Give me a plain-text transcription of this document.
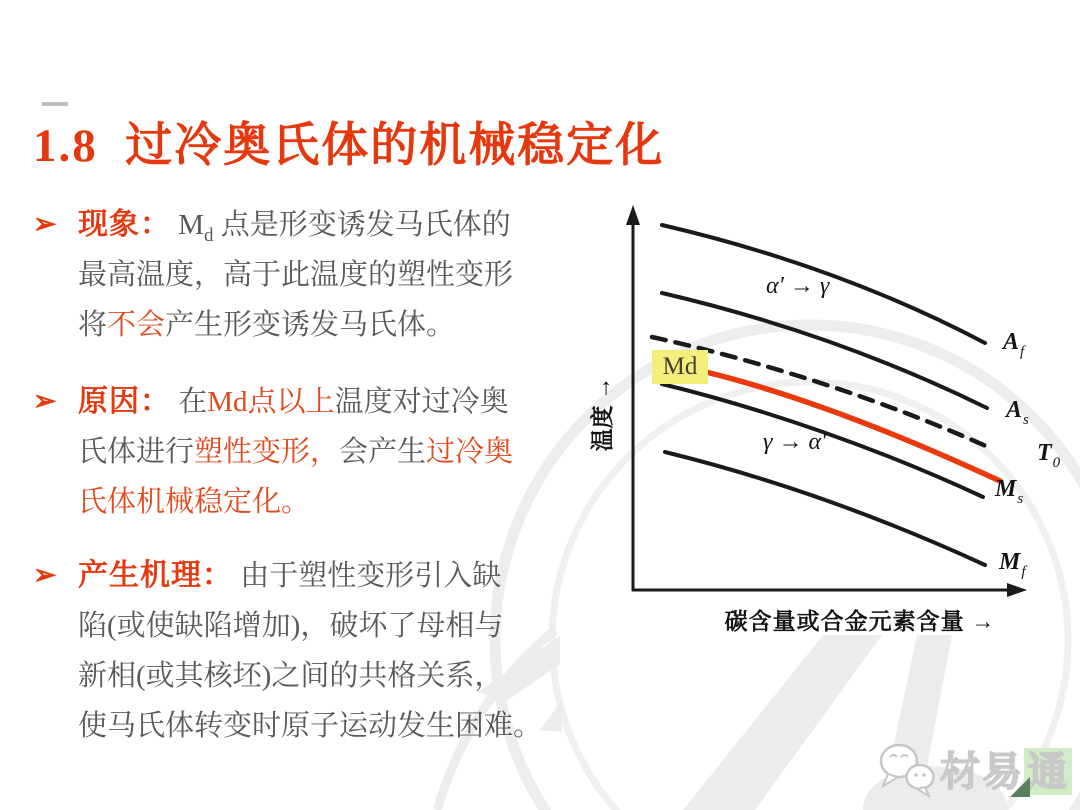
1.8  过冷奥氏体的机械稳定化
➢ 现象： $M_d$ 点是形变诱发马氏体的
最高温度，高于此温度的塑性变形
将不会产生形变诱发马氏体。
➢ 原因： 在Md点以上温度对过冷奥
氏体进行塑性变形，会产生过冷奥
氏体机械稳定化。
➢ 产生机理： 由于塑性变形引入缺
陷(或使缺陷增加)，破坏了母相与
新相(或其核坯)之间的共格关系，
使马氏体转变时原子运动发生困难。
Md
α′ → γ
γ → α′
$A_f$
$A_s$
$T_0$
$M_s$
$M_f$
温度 →
碳含量或合金元素含量 →
材易
通
